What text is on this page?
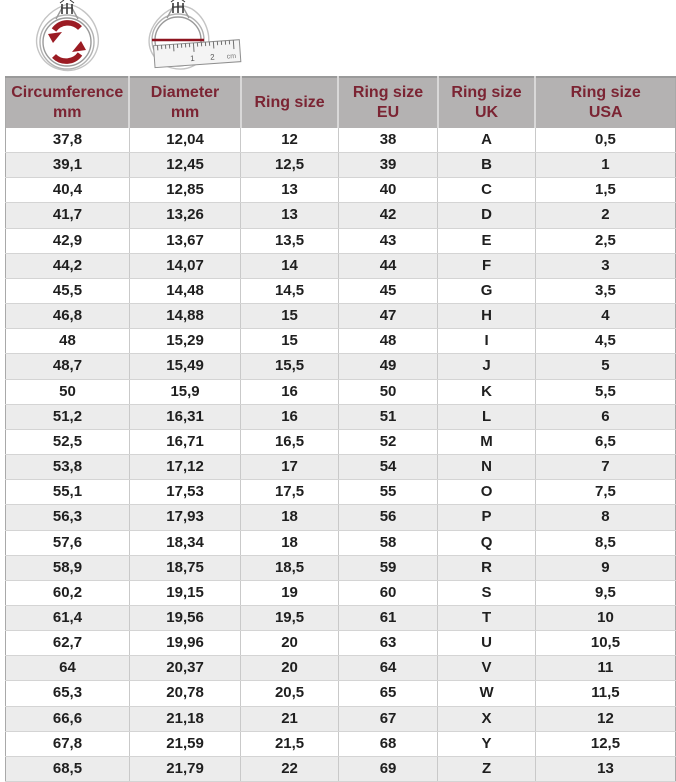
1 2 cm
Circumference
mm

Diameter
mm

Ring size

Ring size
EU

Ring size
UK

Ring size
USA

37,8	12,04	12	38	A	0,5
39,1	12,45	12,5	39	B	1
40,4	12,85	13	40	C	1,5
41,7	13,26	13	42	D	2
42,9	13,67	13,5	43	E	2,5
44,2	14,07	14	44	F	3
45,5	14,48	14,5	45	G	3,5
46,8	14,88	15	47	H	4
48	15,29	15	48	I	4,5
48,7	15,49	15,5	49	J	5
50	15,9	16	50	K	5,5
51,2	16,31	16	51	L	6
52,5	16,71	16,5	52	M	6,5
53,8	17,12	17	54	N	7
55,1	17,53	17,5	55	O	7,5
56,3	17,93	18	56	P	8
57,6	18,34	18	58	Q	8,5
58,9	18,75	18,5	59	R	9
60,2	19,15	19	60	S	9,5
61,4	19,56	19,5	61	T	10
62,7	19,96	20	63	U	10,5
64	20,37	20	64	V	11
65,3	20,78	20,5	65	W	11,5
66,6	21,18	21	67	X	12
67,8	21,59	21,5	68	Y	12,5
68,5	21,79	22	69	Z	13
